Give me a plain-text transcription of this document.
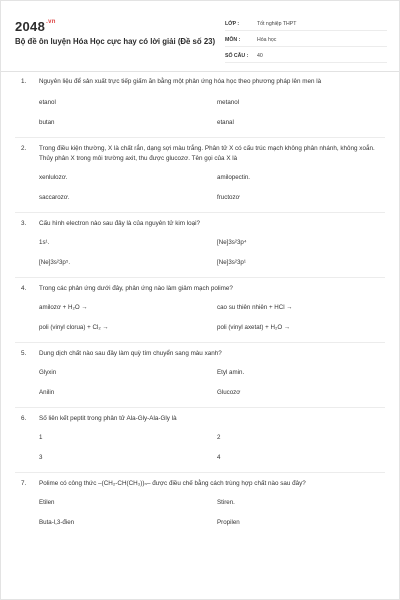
$2048^{.vn}$
Bộ đề ôn luyện Hóa Học cực hay có lời giải (Đề số 23)
LỚP :	Tốt nghiệp THPT
MÔN :	Hóa học
SỐ CÂU :	40
1.	Nguyên liệu để sản xuất trực tiếp giấm ăn bằng một phản ứng hóa học theo phương pháp lên men là
etanol	metanol
butan	etanal
2.	Trong điều kiện thường, X là chất rắn, dạng sợi màu trắng. Phân tử X có cấu trúc mạch không phân nhánh, không xoắn. Thủy phân X trong môi trường axit, thu được glucozơ. Tên gọi của X là
xenlulozơ.	amilopectin.
saccarozơ.	fructozơ
3.	Cấu hình electron nào sau đây là của nguyên tử kim loại?
1s¹.	[Ne]3s²3p⁴
[Ne]3s²3p⁵.	[Ne]3s²3p¹
4.	Trong các phản ứng dưới đây, phản ứng nào làm giảm mạch polime?
amilozơ + H₂O →	cao su thiên nhiên + HCl →
poli (vinyl clorua) + Cl₂ →	poli (vinyl axetat) + H₂O →
5.	Dung dịch chất nào sau đây làm quỳ tím chuyển sang màu xanh?
Glyxin	Etyl amin.
Anilin	Glucozơ
6.	Số liên kết peptit trong phân tử Ala-Gly-Ala-Gly là
1	2
3	4
7.	Polime có công thức –(CH₂-CH(CH₃))ₙ– được điều chế bằng cách trùng hợp chất nào sau đây?
Etilen	Stiren.
Buta-l,3-đien	Propilen
